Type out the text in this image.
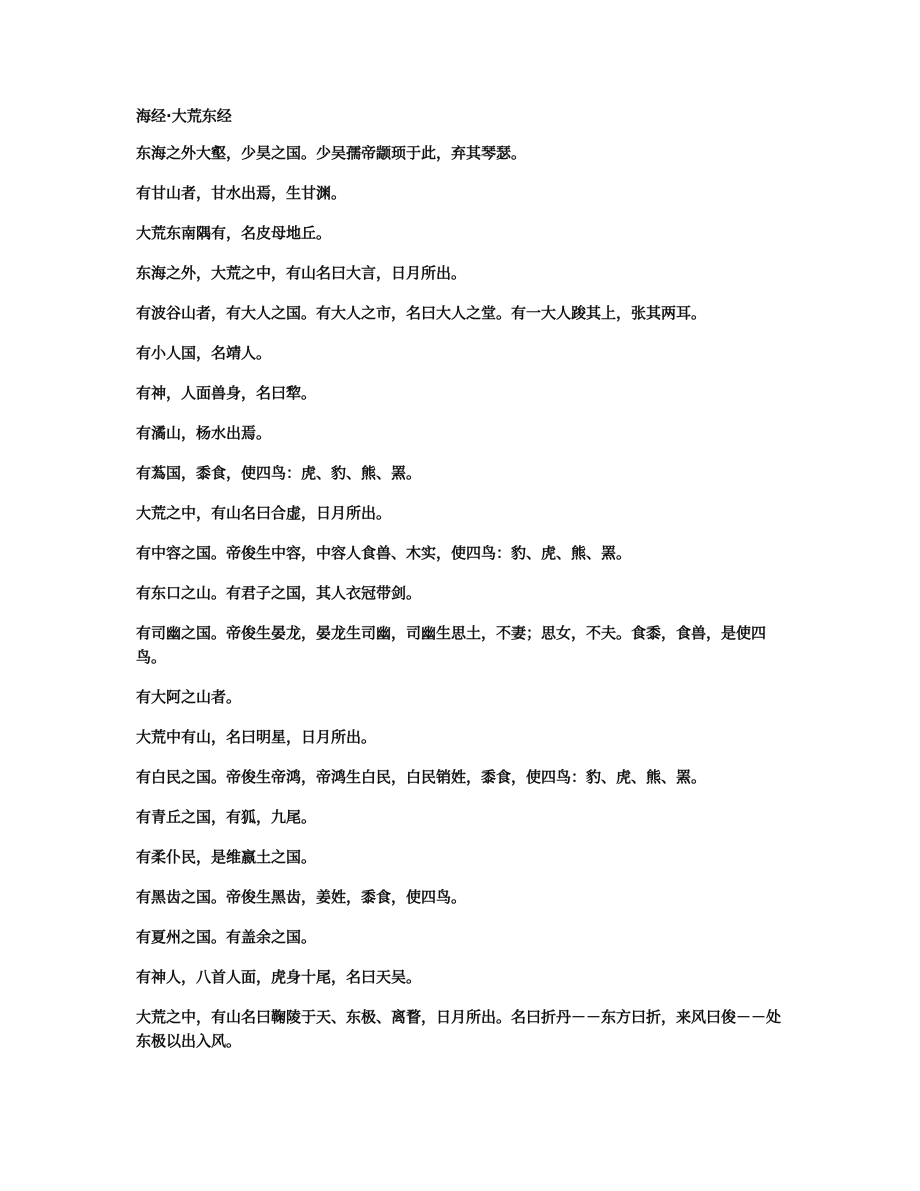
海经·大荒东经

东海之外大壑，少昊之国。少吴孺帝颛顼于此，弃其琴瑟。

有甘山者，甘水出焉，生甘渊。

大荒东南隅有，名皮母地丘。

东海之外，大荒之中，有山名曰大言，日月所出。

有波谷山者，有大人之国。有大人之市，名曰大人之堂。有一大人踆其上，张其两耳。

有小人国，名靖人。

有神，人面兽身，名曰犂。

有潏山，杨水出焉。

有蒍国，黍食，使四鸟：虎、豹、熊、罴。

大荒之中，有山名曰合虚，日月所出。

有中容之国。帝俊生中容，中容人食兽、木实，使四鸟：豹、虎、熊、罴。

有东口之山。有君子之国，其人衣冠带剑。

有司幽之国。帝俊生晏龙，晏龙生司幽，司幽生思土，不妻；思女，不夫。食黍，食兽，是使四鸟。

有大阿之山者。

大荒中有山，名曰明星，日月所出。

有白民之国。帝俊生帝鸿，帝鸿生白民，白民销姓，黍食，使四鸟：豹、虎、熊、罴。

有青丘之国，有狐，九尾。

有柔仆民，是维嬴土之国。

有黑齿之国。帝俊生黑齿，姜姓，黍食，使四鸟。

有夏州之国。有盖余之国。

有神人，八首人面，虎身十尾，名曰天吴。

大荒之中，有山名曰鞠陵于天、东极、离瞀，日月所出。名曰折丹－－东方曰折，来风曰俊－－处东极以出入风。
